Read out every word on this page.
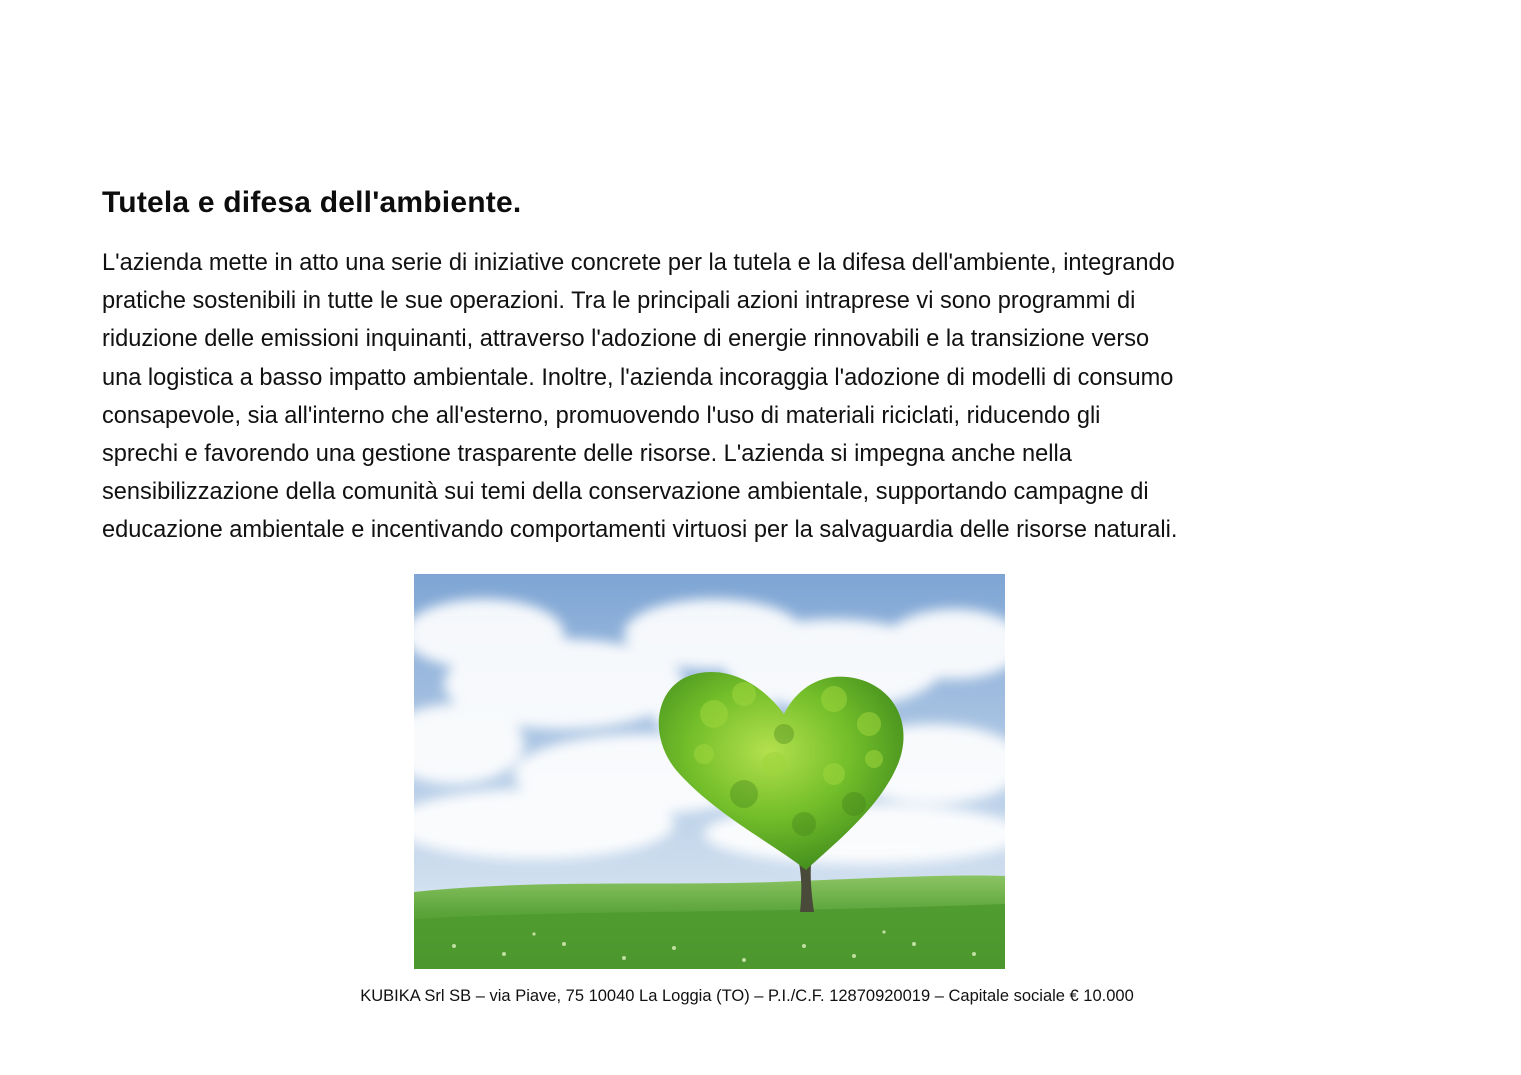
Tutela e difesa dell'ambiente.
L'azienda mette in atto una serie di iniziative concrete per la tutela e la difesa dell'ambiente, integrando
pratiche sostenibili in tutte le sue operazioni. Tra le principali azioni intraprese vi sono programmi di
riduzione delle emissioni inquinanti, attraverso l'adozione di energie rinnovabili e la transizione verso
una logistica a basso impatto ambientale. Inoltre, l'azienda incoraggia l'adozione di modelli di consumo
consapevole, sia all'interno che all'esterno, promuovendo l'uso di materiali riciclati, riducendo gli
sprechi e favorendo una gestione trasparente delle risorse. L'azienda si impegna anche nella
sensibilizzazione della comunità sui temi della conservazione ambientale, supportando campagne di
educazione ambientale e incentivando comportamenti virtuosi per la salvaguardia delle risorse naturali.
KUBIKA Srl SB – via Piave, 75 10040 La Loggia (TO) – P.I./C.F. 12870920019 – Capitale sociale € 10.000
